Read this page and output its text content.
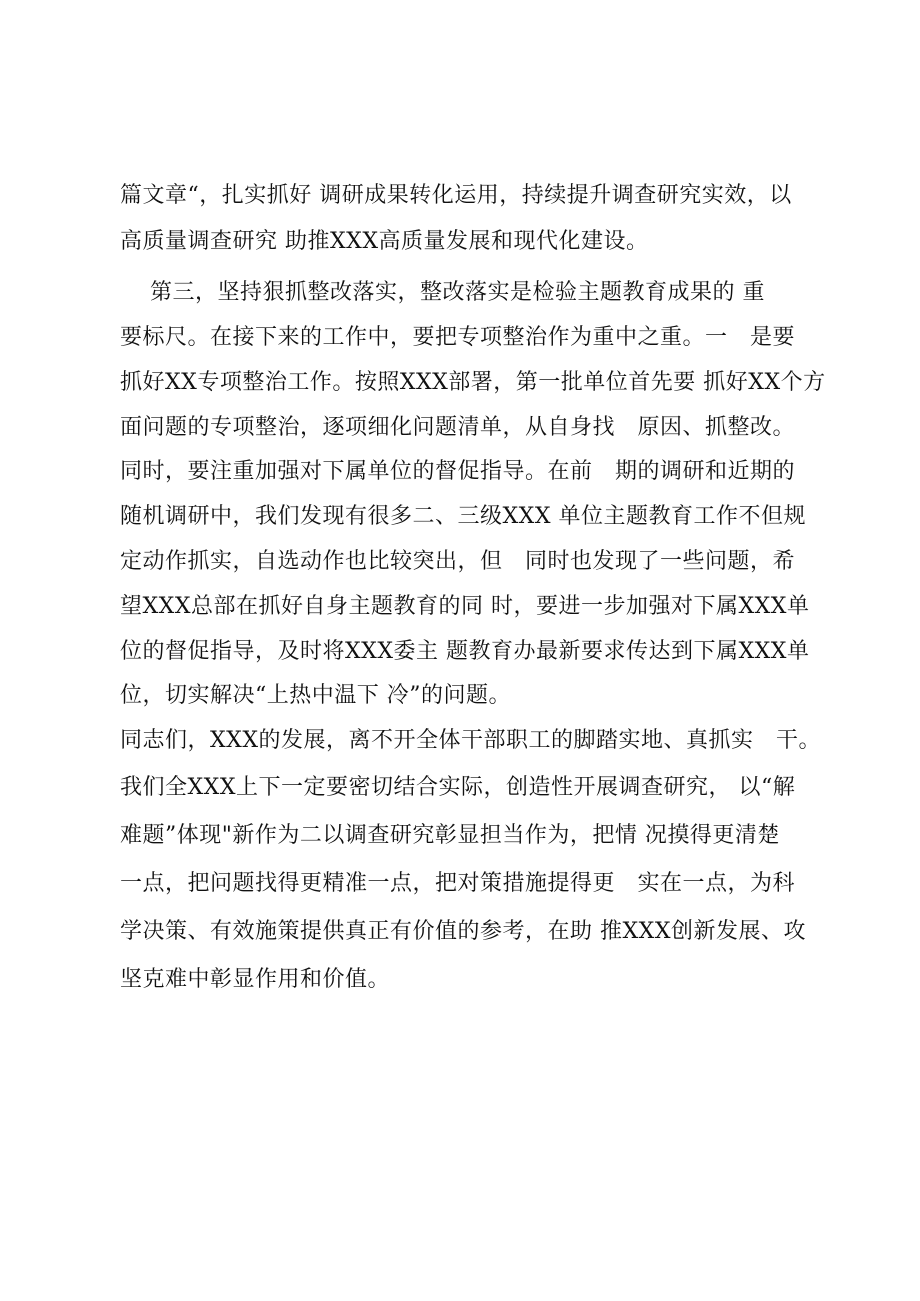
篇文章“，扎实抓好 调研成果转化运用，持续提升调查研究实效，以
高质量调查研究 助推XXX高质量发展和现代化建设。
第三，坚持狠抓整改落实，整改落实是检验主题教育成果的 重
要标尺。在接下来的工作中，要把专项整治作为重中之重。一   是要
抓好XX专项整治工作。按照XXX部署，第一批单位首先要 抓好XX个方
面问题的专项整治，逐项细化问题清单，从自身找   原因、抓整改。
同时，要注重加强对下属单位的督促指导。在前   期的调研和近期的
随机调研中，我们发现有很多二、三级XXX 单位主题教育工作不但规
定动作抓实，自选动作也比较突出，但   同时也发现了一些问题，希
望XXX总部在抓好自身主题教育的同 时，要进一步加强对下属XXX单
位的督促指导，及时将XXX委主 题教育办最新要求传达到下属XXX单
位，切实解决“上热中温下 冷”的问题。
同志们，XXX的发展，离不开全体干部职工的脚踏实地、真抓实   干。
我们全XXX上下一定要密切结合实际，创造性开展调查研究， 以“解
难题”体现"新作为二以调查研究彰显担当作为，把情 况摸得更清楚
一点，把问题找得更精准一点，把对策措施提得更   实在一点，为科
学决策、有效施策提供真正有价值的参考，在助 推XXX创新发展、攻
坚克难中彰显作用和价值。
